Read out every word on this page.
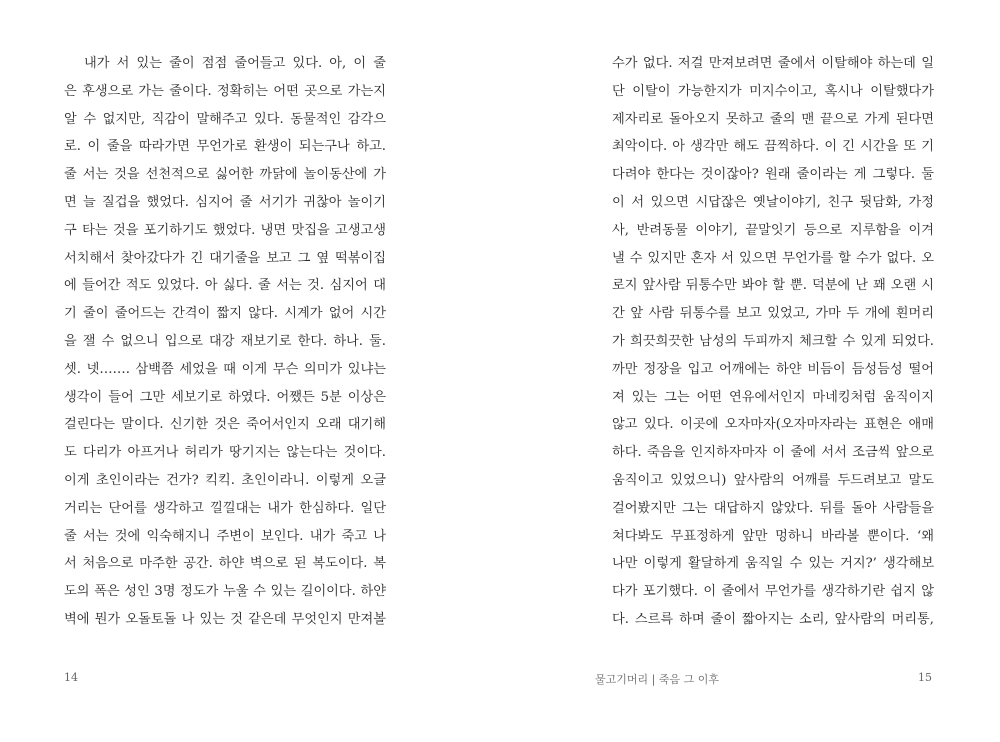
내가 서 있는 줄이 점점 줄어들고 있다. 아, 이 줄
은 후생으로 가는 줄이다. 정확히는 어떤 곳으로 가는지
알 수 없지만, 직감이 말해주고 있다. 동물적인 감각으
로. 이 줄을 따라가면 무언가로 환생이 되는구나 하고.
줄 서는 것을 선천적으로 싫어한 까닭에 놀이동산에 가
면 늘 질겁을 했었다. 심지어 줄 서기가 귀찮아 놀이기
구 타는 것을 포기하기도 했었다. 냉면 맛집을 고생고생
서치해서 찾아갔다가 긴 대기줄을 보고 그 옆 떡볶이집
에 들어간 적도 있었다. 아 싫다. 줄 서는 것. 심지어 대
기 줄이 줄어드는 간격이 짧지 않다. 시계가 없어 시간
을 잴 수 없으니 입으로 대강 재보기로 한다. 하나. 둘.
셋. 넷……. 삼백쯤 세었을 때 이게 무슨 의미가 있냐는
생각이 들어 그만 세보기로 하였다. 어쨌든 5분 이상은
걸린다는 말이다. 신기한 것은 죽어서인지 오래 대기해
도 다리가 아프거나 허리가 땅기지는 않는다는 것이다.
이게 초인이라는 건가? 킥킥. 초인이라니. 이렇게 오글
거리는 단어를 생각하고 낄낄대는 내가 한심하다. 일단
줄 서는 것에 익숙해지니 주변이 보인다. 내가 죽고 나
서 처음으로 마주한 공간. 하얀 벽으로 된 복도이다. 복
도의 폭은 성인 3명 정도가 누울 수 있는 길이이다. 하얀
벽에 뭔가 오돌토돌 나 있는 것 같은데 무엇인지 만져볼
14
수가 없다. 저걸 만져보려면 줄에서 이탈해야 하는데 일
단 이탈이 가능한지가 미지수이고, 혹시나 이탈했다가
제자리로 돌아오지 못하고 줄의 맨 끝으로 가게 된다면
최악이다. 아 생각만 해도 끔찍하다. 이 긴 시간을 또 기
다려야 한다는 것이잖아? 원래 줄이라는 게 그렇다. 둘
이 서 있으면 시답잖은 옛날이야기, 친구 뒷담화, 가정
사, 반려동물 이야기, 끝말잇기 등으로 지루함을 이겨
낼 수 있지만 혼자 서 있으면 무언가를 할 수가 없다. 오
로지 앞사람 뒤통수만 봐야 할 뿐. 덕분에 난 꽤 오랜 시
간 앞 사람 뒤통수를 보고 있었고, 가마 두 개에 흰머리
가 희끗희끗한 남성의 두피까지 체크할 수 있게 되었다.
까만 정장을 입고 어깨에는 하얀 비듬이 듬성듬성 떨어
져 있는 그는 어떤 연유에서인지 마네킹처럼 움직이지
않고 있다. 이곳에 오자마자(오자마자라는 표현은 애매
하다. 죽음을 인지하자마자 이 줄에 서서 조금씩 앞으로
움직이고 있었으니) 앞사람의 어깨를 두드려보고 말도
걸어봤지만 그는 대답하지 않았다. 뒤를 돌아 사람들을
쳐다봐도 무표정하게 앞만 멍하니 바라볼 뿐이다. ‘왜
나만 이렇게 활달하게 움직일 수 있는 거지?’ 생각해보
다가 포기했다. 이 줄에서 무언가를 생각하기란 쉽지 않
다. 스르륵 하며 줄이 짧아지는 소리, 앞사람의 머리통,
물고기머리 | 죽음 그 이후	15
